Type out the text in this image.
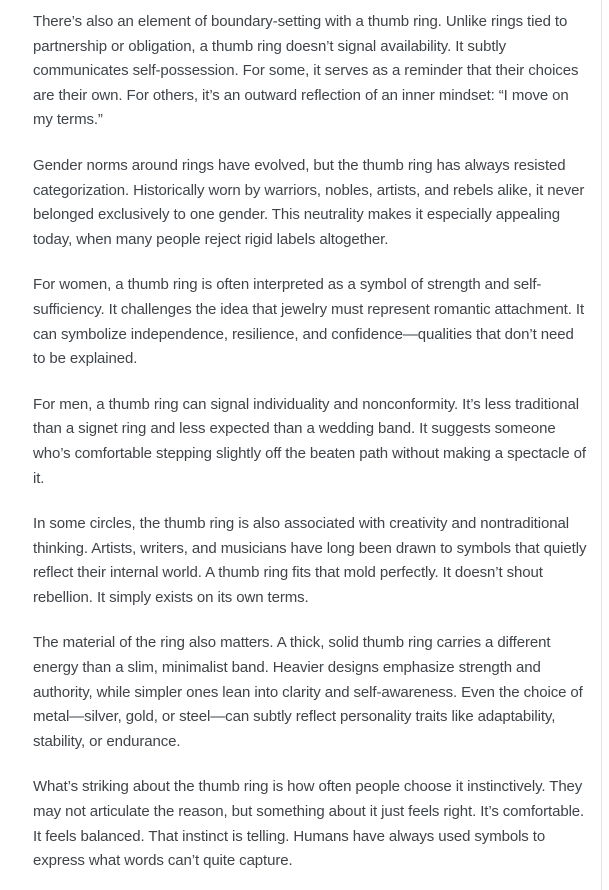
There’s also an element of boundary-setting with a thumb ring. Unlike rings tied to partnership or obligation, a thumb ring doesn’t signal availability. It subtly communicates self-possession. For some, it serves as a reminder that their choices are their own. For others, it’s an outward reflection of an inner mindset: “I move on my terms.”

Gender norms around rings have evolved, but the thumb ring has always resisted categorization. Historically worn by warriors, nobles, artists, and rebels alike, it never belonged exclusively to one gender. This neutrality makes it especially appealing today, when many people reject rigid labels altogether.

For women, a thumb ring is often interpreted as a symbol of strength and self-sufficiency. It challenges the idea that jewelry must represent romantic attachment. It can symbolize independence, resilience, and confidence—qualities that don’t need to be explained.

For men, a thumb ring can signal individuality and nonconformity. It’s less traditional than a signet ring and less expected than a wedding band. It suggests someone who’s comfortable stepping slightly off the beaten path without making a spectacle of it.

In some circles, the thumb ring is also associated with creativity and nontraditional thinking. Artists, writers, and musicians have long been drawn to symbols that quietly reflect their internal world. A thumb ring fits that mold perfectly. It doesn’t shout rebellion. It simply exists on its own terms.

The material of the ring also matters. A thick, solid thumb ring carries a different energy than a slim, minimalist band. Heavier designs emphasize strength and authority, while simpler ones lean into clarity and self-awareness. Even the choice of metal—silver, gold, or steel—can subtly reflect personality traits like adaptability, stability, or endurance.

What’s striking about the thumb ring is how often people choose it instinctively. They may not articulate the reason, but something about it just feels right. It’s comfortable. It feels balanced. That instinct is telling. Humans have always used symbols to express what words can’t quite capture.
